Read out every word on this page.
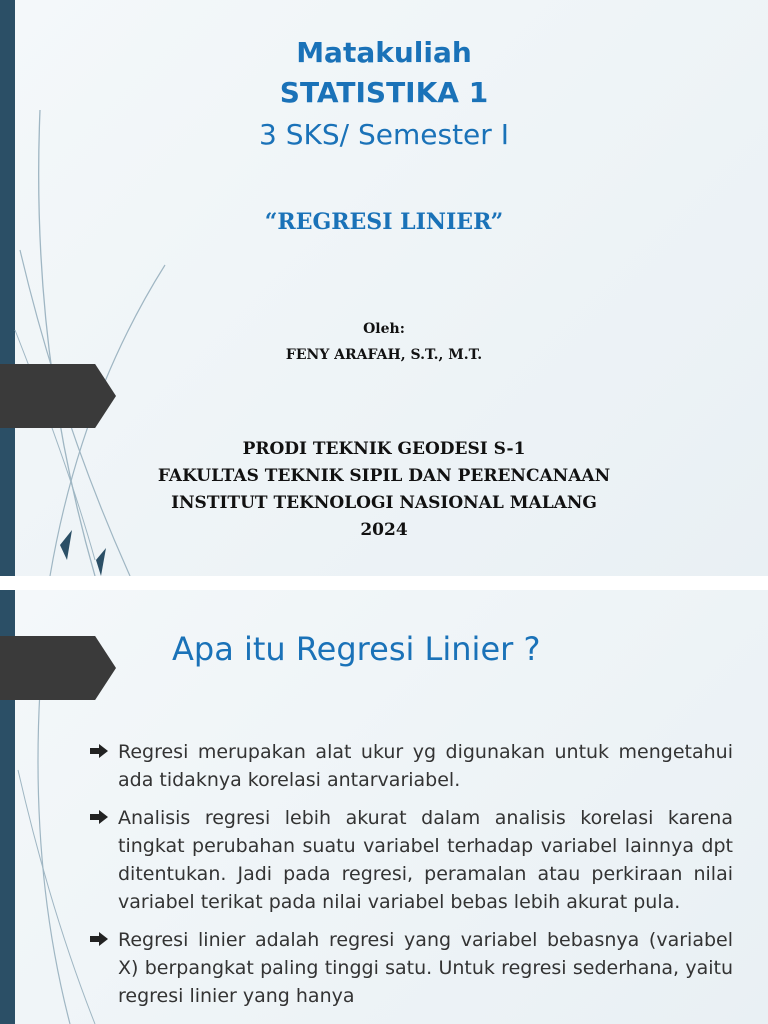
Matakuliah
STATISTIKA 1
3 SKS/ Semester I
“REGRESI LINIER”
Oleh:
FENY ARAFAH, S.T., M.T.
PRODI TEKNIK GEODESI S-1
FAKULTAS TEKNIK SIPIL DAN PERENCANAAN
INSTITUT TEKNOLOGI NASIONAL MALANG
2024
Apa itu Regresi Linier ?

Regresi merupakan alat ukur yg digunakan untuk mengetahui ada tidaknya korelasi antarvariabel.

Analisis regresi lebih akurat dalam analisis korelasi karena tingkat perubahan suatu variabel terhadap variabel lainnya dpt ditentukan. Jadi pada regresi, peramalan atau perkiraan nilai variabel terikat pada nilai variabel bebas lebih akurat pula.

Regresi linier adalah regresi yang variabel bebasnya (variabel X) berpangkat paling tinggi satu. Untuk regresi sederhana, yaitu regresi linier yang hanya
